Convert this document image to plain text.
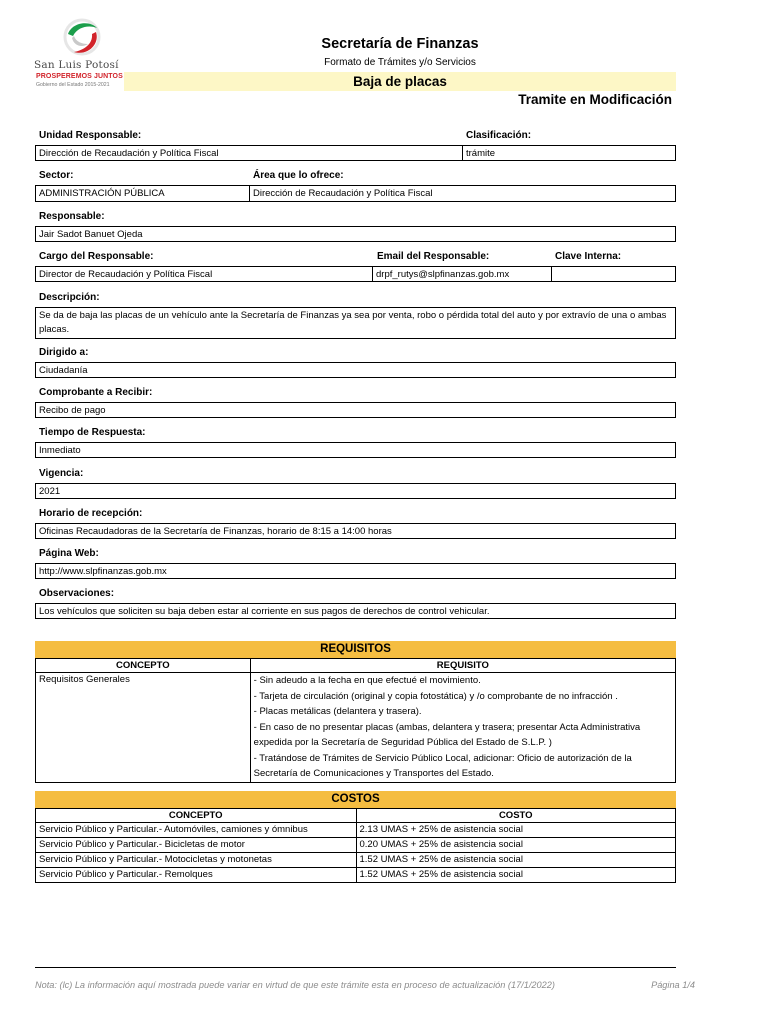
San Luis Potosí
PROSPEREMOS JUNTOS
Gobierno del Estado 2015-2021
Secretaría de Finanzas
Formato de Trámites y/o Servicios
Baja de placas
Tramite en Modificación
Unidad Responsable:	Clasificación:
Dirección de Recaudación y Política Fiscal	trámite
Sector:	Área que lo ofrece:
ADMINISTRACIÓN PÚBLICA	Dirección de Recaudación y Política Fiscal
Responsable:
Jair Sadot Banuet Ojeda
Cargo del Responsable:	Email del Responsable:	Clave Interna:
Director de Recaudación y Política Fiscal	drpf_rutys@slpfinanzas.gob.mx
Descripción:
Se da de baja las placas de un vehículo ante la Secretaría de Finanzas ya sea por venta, robo o pérdida total del auto y por extravío de una o ambas placas.
Dirigido a:
Ciudadanía
Comprobante a Recibir:
Recibo de pago
Tiempo de Respuesta:
Inmediato
Vigencia:
2021
Horario de recepción:
Oficinas Recaudadoras de la Secretaría de Finanzas, horario de 8:15 a 14:00 horas
Página Web:
http://www.slpfinanzas.gob.mx
Observaciones:
Los vehículos que soliciten su baja deben estar al corriente en sus pagos de derechos de control vehicular.
REQUISITOS
CONCEPTO	REQUISITO
Requisitos Generales	- Sin adeudo a la fecha en que efectué el movimiento.
- Tarjeta de circulación (original y copia fotostática) y /o comprobante de no infracción .
- Placas metálicas (delantera y trasera).
- En caso de no presentar placas (ambas, delantera y trasera; presentar Acta Administrativa expedida por la Secretaría de Seguridad Pública del Estado de S.L.P. )
- Tratándose de Trámites de Servicio Público Local, adicionar: Oficio de autorización de la Secretaría de Comunicaciones y Transportes del Estado.
COSTOS
CONCEPTO	COSTO
Servicio Público y Particular.- Automóviles, camiones y ómnibus	2.13 UMAS + 25% de asistencia social
Servicio Público y Particular.- Bicicletas de motor	0.20 UMAS + 25% de asistencia social
Servicio Público y Particular.- Motocicletas y motonetas	1.52 UMAS + 25% de asistencia social
Servicio Público y Particular.- Remolques	1.52 UMAS + 25% de asistencia social
Nota: (lc) La información aquí mostrada puede variar en virtud de que este trámite esta en proceso de actualización (17/1/2022)	Página 1/4
